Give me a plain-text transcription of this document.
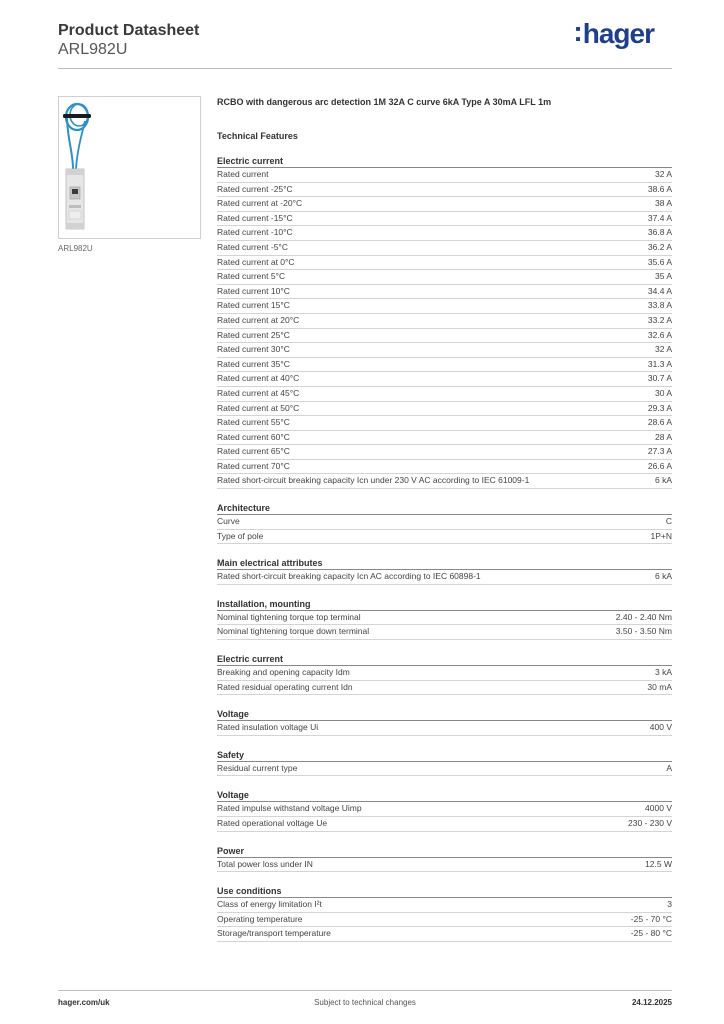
Product Datasheet
ARL982U
:hager
ARL982U
RCBO with dangerous arc detection 1M 32A C curve 6kA Type A 30mA LFL 1m
Technical Features
Electric current
Rated current	32 A
Rated current -25°C	38.6 A
Rated current at -20°C	38 A
Rated current -15°C	37.4 A
Rated current -10°C	36.8 A
Rated current -5°C	36.2 A
Rated current at 0°C	35.6 A
Rated current 5°C	35 A
Rated current 10°C	34.4 A
Rated current 15°C	33.8 A
Rated current at 20°C	33.2 A
Rated current 25°C	32.6 A
Rated current 30°C	32 A
Rated current 35°C	31.3 A
Rated current at 40°C	30.7 A
Rated current at 45°C	30 A
Rated current at 50°C	29.3 A
Rated current 55°C	28.6 A
Rated current 60°C	28 A
Rated current 65°C	27.3 A
Rated current 70°C	26.6 A
Rated short-circuit breaking capacity Icn under 230 V AC according to IEC 61009-1	6 kA
Architecture
Curve	C
Type of pole	1P+N
Main electrical attributes
Rated short-circuit breaking capacity Icn AC according to IEC 60898-1	6 kA
Installation, mounting
Nominal tightening torque top terminal	2.40 - 2.40 Nm
Nominal tightening torque down terminal	3.50 - 3.50 Nm
Electric current
Breaking and opening capacity Idm	3 kA
Rated residual operating current Idn	30 mA
Voltage
Rated insulation voltage Ui	400 V
Safety
Residual current type	A
Voltage
Rated impulse withstand voltage Uimp	4000 V
Rated operational voltage Ue	230 - 230 V
Power
Total power loss under IN	12.5 W
Use conditions
Class of energy limitation I²t	3
Operating temperature	-25 - 70 °C
Storage/transport temperature	-25 - 80 °C
hager.com/uk	Subject to technical changes	24.12.2025
